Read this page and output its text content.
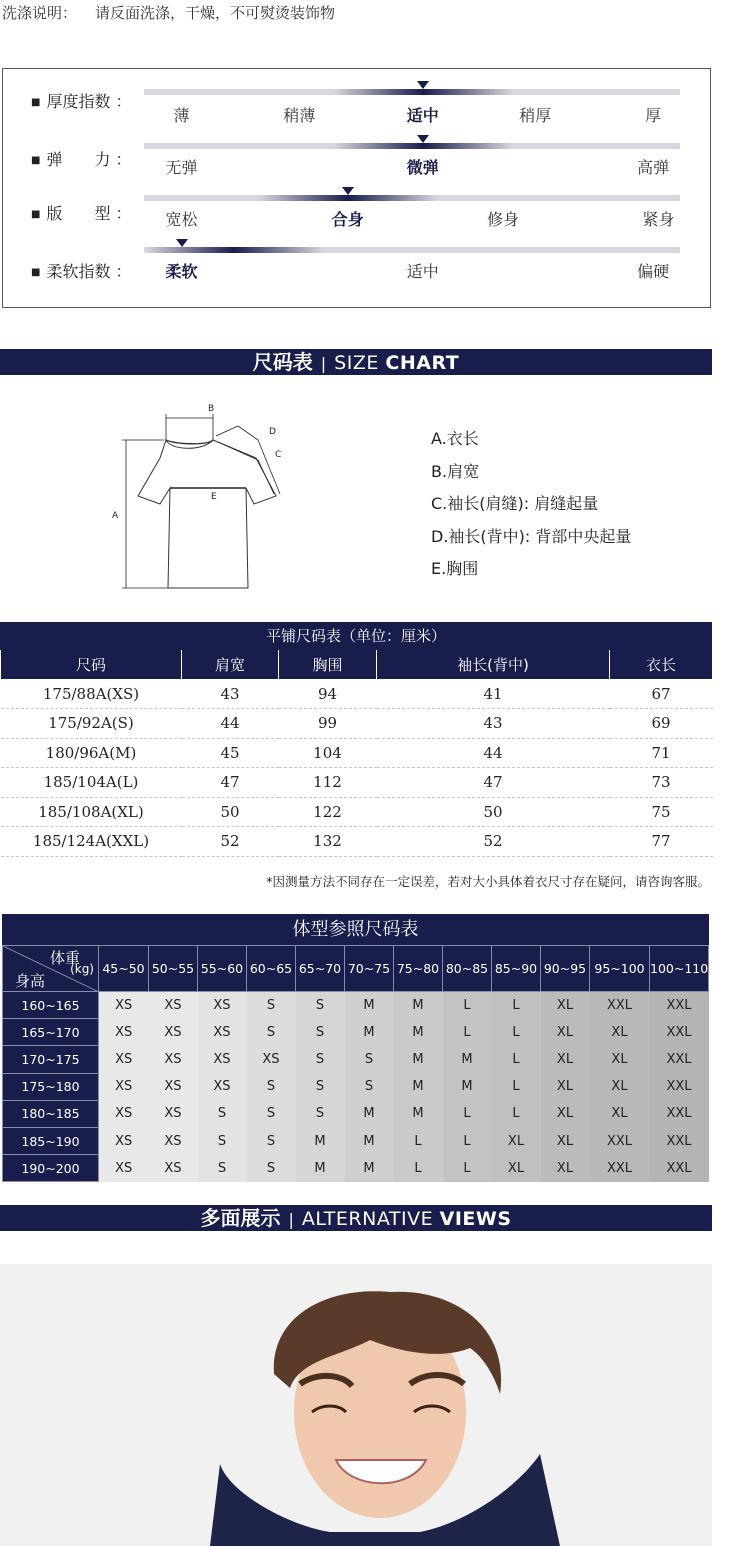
洗涤说明： 请反面洗涤，干燥，不可熨烫装饰物
■ 厚度指数 ：
薄	稍薄	适中	稍厚	厚
■ 弹　　力 ： 无弹	微弹	高弹
■ 版　　型 ： 宽松	合身	修身	紧身
■ 柔软指数 ： 柔软	适中	偏硬
尺码表 | SIZE CHART
A
B
C
D
E
A.衣长
B.肩宽
C.袖长(肩缝): 肩缝起量
D.袖长(背中): 背部中央起量
E.胸围
平铺尺码表（单位：厘米）
尺码	肩宽	胸围	袖长(背中)	衣长
175/88A(XS)	43	94	41	67
175/92A(S)	44	99	43	69
180/96A(M)	45	104	44	71
185/104A(L)	47	112	47	73
185/108A(XL)	50	122	50	75
185/124A(XXL)	52	132	52	77
*因测量方法不同存在一定误差，若对大小具体着衣尺寸存在疑问，请咨询客服。
体型参照尺码表
体重
(kg)
身高	45~50	50~55	55~60	60~65	65~70	70~75	75~80	80~85	85~90	90~95	95~100	100~110
160~165	XS	XS	XS	S	S	M	M	L	L	XL	XXL	XXL
165~170	XS	XS	XS	S	S	M	M	L	L	XL	XL	XXL
170~175	XS	XS	XS	XS	S	S	M	M	L	XL	XL	XXL
175~180	XS	XS	XS	S	S	S	M	M	L	XL	XL	XXL
180~185	XS	XS	S	S	S	M	M	L	L	XL	XL	XXL
185~190	XS	XS	S	S	M	M	L	L	XL	XL	XXL	XXL
190~200	XS	XS	S	S	M	M	L	L	XL	XL	XXL	XXL
多面展示 | ALTERNATIVE VIEWS
